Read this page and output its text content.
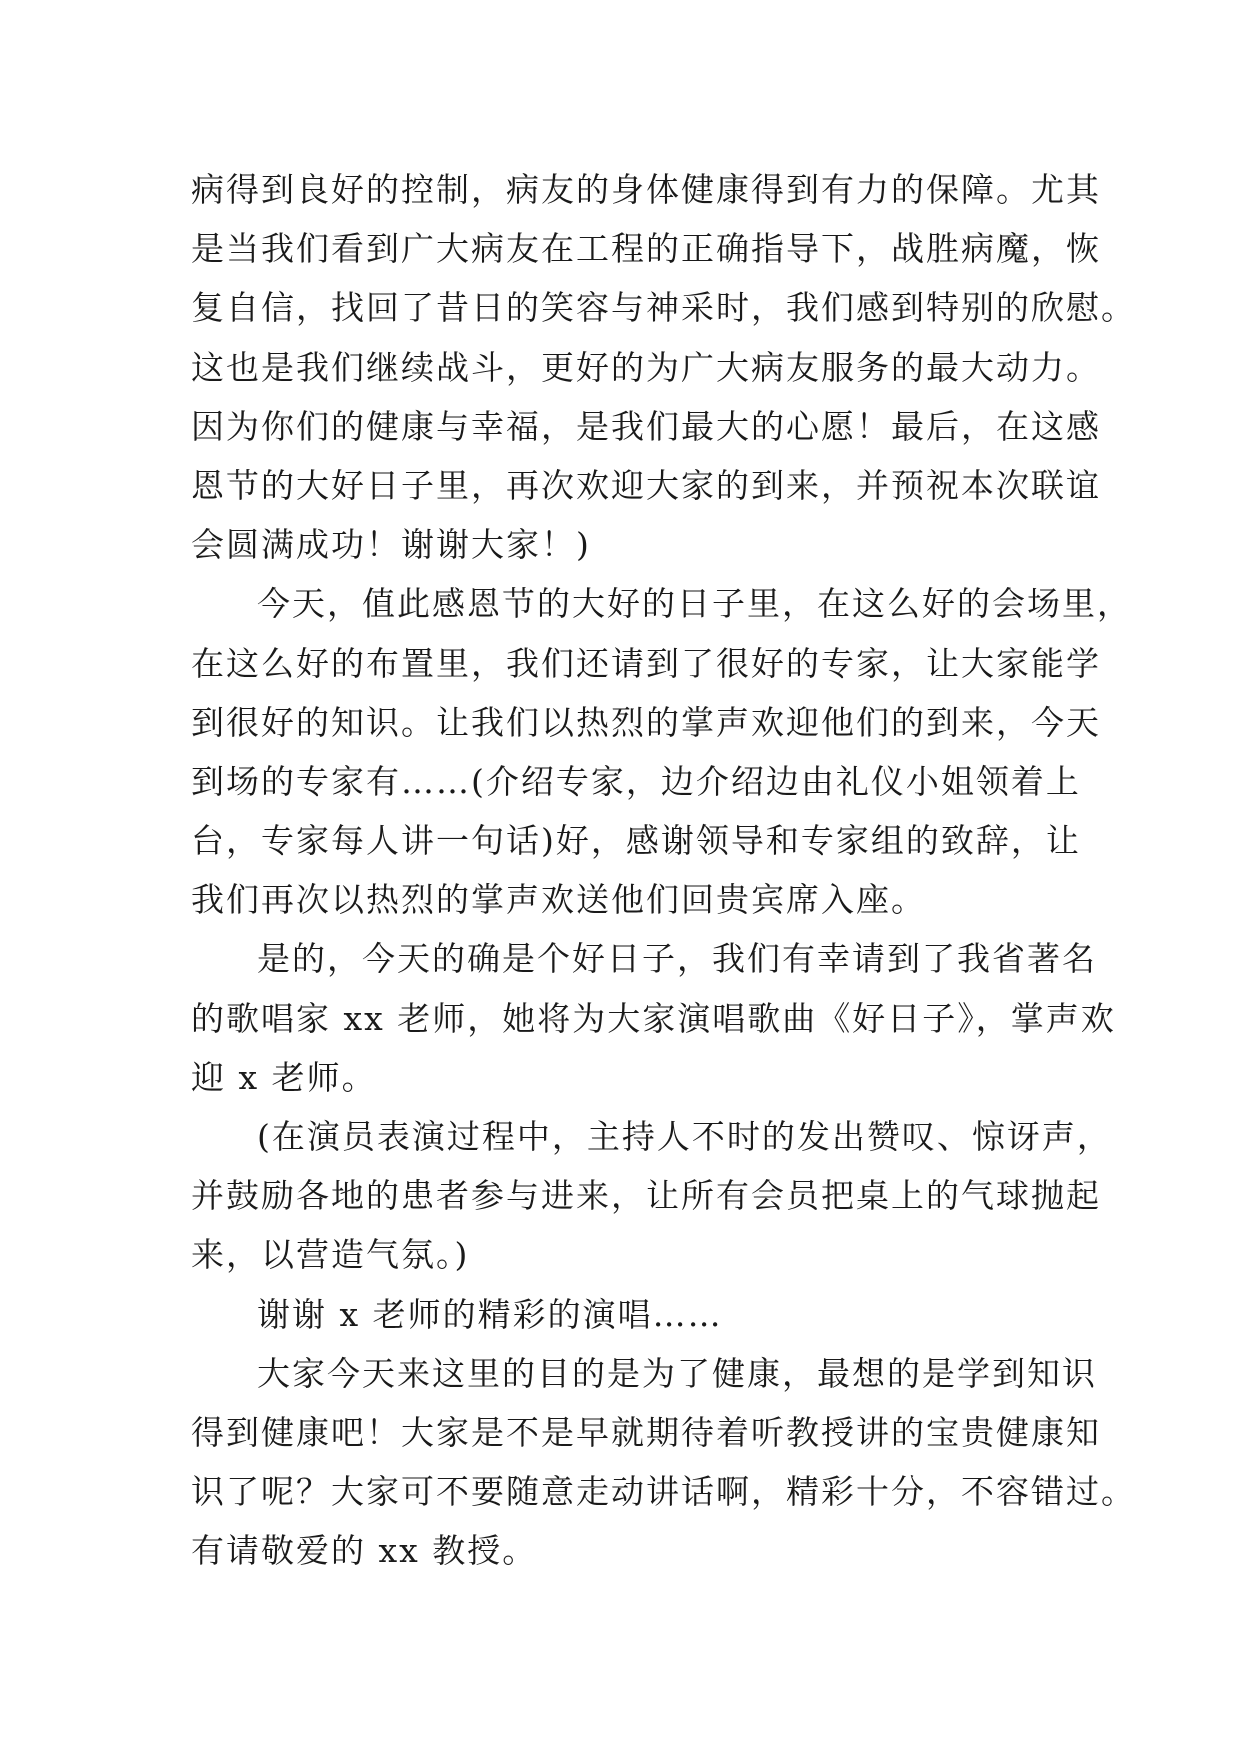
病得到良好的控制，病友的身体健康得到有力的保障。尤其
是当我们看到广大病友在工程的正确指导下，战胜病魔，恢
复自信，找回了昔日的笑容与神采时，我们感到特别的欣慰。
这也是我们继续战斗，更好的为广大病友服务的最大动力。
因为你们的健康与幸福，是我们最大的心愿！最后，在这感
恩节的大好日子里，再次欢迎大家的到来，并预祝本次联谊
会圆满成功！谢谢大家！)
今天，值此感恩节的大好的日子里，在这么好的会场里，
在这么好的布置里，我们还请到了很好的专家，让大家能学
到很好的知识。让我们以热烈的掌声欢迎他们的到来，今天
到场的专家有……(介绍专家，边介绍边由礼仪小姐领着上
台，专家每人讲一句话)好，感谢领导和专家组的致辞，让
我们再次以热烈的掌声欢送他们回贵宾席入座。
是的，今天的确是个好日子，我们有幸请到了我省著名
的歌唱家 xx 老师，她将为大家演唱歌曲《好日子》，掌声欢
迎 x 老师。
(在演员表演过程中，主持人不时的发出赞叹、惊讶声，
并鼓励各地的患者参与进来，让所有会员把桌上的气球抛起
来，以营造气氛。)
谢谢 x 老师的精彩的演唱……
大家今天来这里的目的是为了健康，最想的是学到知识
得到健康吧！大家是不是早就期待着听教授讲的宝贵健康知
识了呢？大家可不要随意走动讲话啊，精彩十分，不容错过。
有请敬爱的 xx 教授。
